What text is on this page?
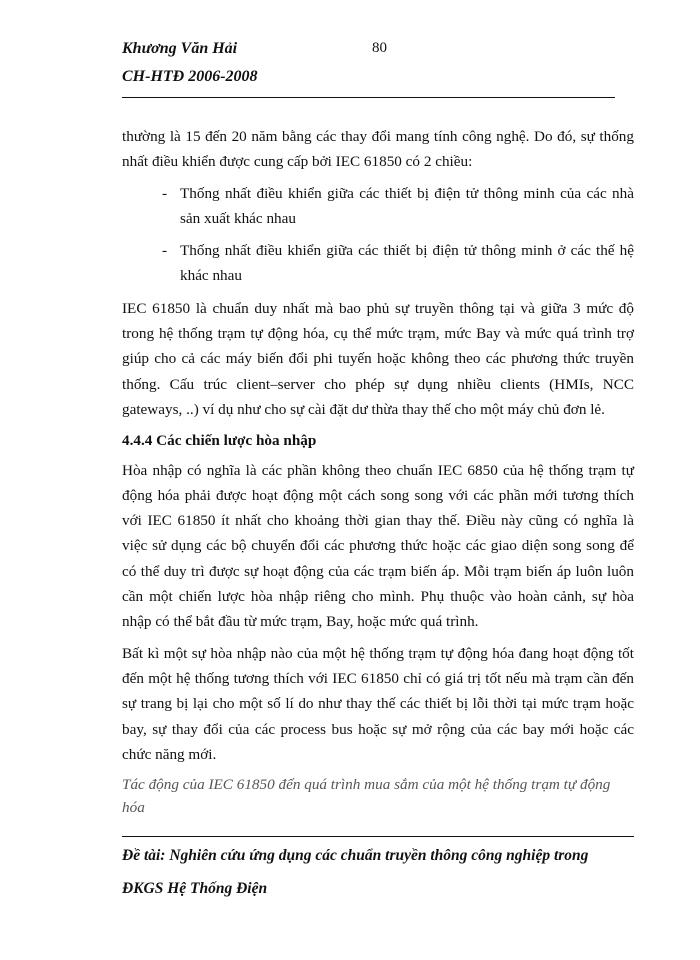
Khương Văn Hải	80
CH-HTĐ 2006-2008

thường là 15 đến 20 năm bằng các thay đổi mang tính công nghệ. Do đó, sự thống nhất điều khiển được cung cấp bởi IEC 61850 có 2 chiều:

- Thống nhất điều khiển giữa các thiết bị điện tử thông minh của các nhà sản xuất khác nhau
- Thống nhất điều khiển giữa các thiết bị điện tử thông minh ở các thế hệ khác nhau

IEC 61850 là chuẩn duy nhất mà bao phủ sự truyền thông tại và giữa 3 mức độ trong hệ thống trạm tự động hóa, cụ thể mức trạm, mức Bay và mức quá trình trợ giúp cho cả các máy biến đổi phi tuyến hoặc không theo các phương thức truyền thống. Cấu trúc client–server cho phép sự dụng nhiều clients (HMIs, NCC gateways, ..) ví dụ như cho sự cài đặt dư thừa thay thế cho một máy chủ đơn lẻ.

4.4.4 Các chiến lược hòa nhập

Hòa nhập có nghĩa là các phần không theo chuẩn IEC 6850 của hệ thống trạm tự động hóa phải được hoạt động một cách song song với các phần mới tương thích với IEC 61850 ít nhất cho khoảng thời gian thay thế. Điều này cũng có nghĩa là việc sử dụng các bộ chuyển đổi các phương thức hoặc các giao diện song song để có thể duy trì được sự hoạt động của các trạm biến áp. Mỗi trạm biến áp luôn luôn cần một chiến lược hòa nhập riêng cho mình. Phụ thuộc vào hoàn cảnh, sự hòa nhập có thể bắt đầu từ mức trạm, Bay, hoặc mức quá trình.

Bất kì một sự hòa nhập nào của một hệ thống trạm tự động hóa đang hoạt động tốt đến một hệ thống tương thích với IEC 61850 chỉ có giá trị tốt nếu mà trạm cần đến sự trang bị lại cho một số lí do như thay thế các thiết bị lỗi thời tại mức trạm hoặc bay, sự thay đổi của các process bus hoặc sự mở rộng của các bay mới hoặc các chức năng mới.

Tác động của IEC 61850 đến quá trình mua sắm của một hệ thống trạm tự động hóa

Đề tài: Nghiên cứu ứng dụng các chuẩn truyền thông công nghiệp trong
ĐKGS Hệ Thống Điện
